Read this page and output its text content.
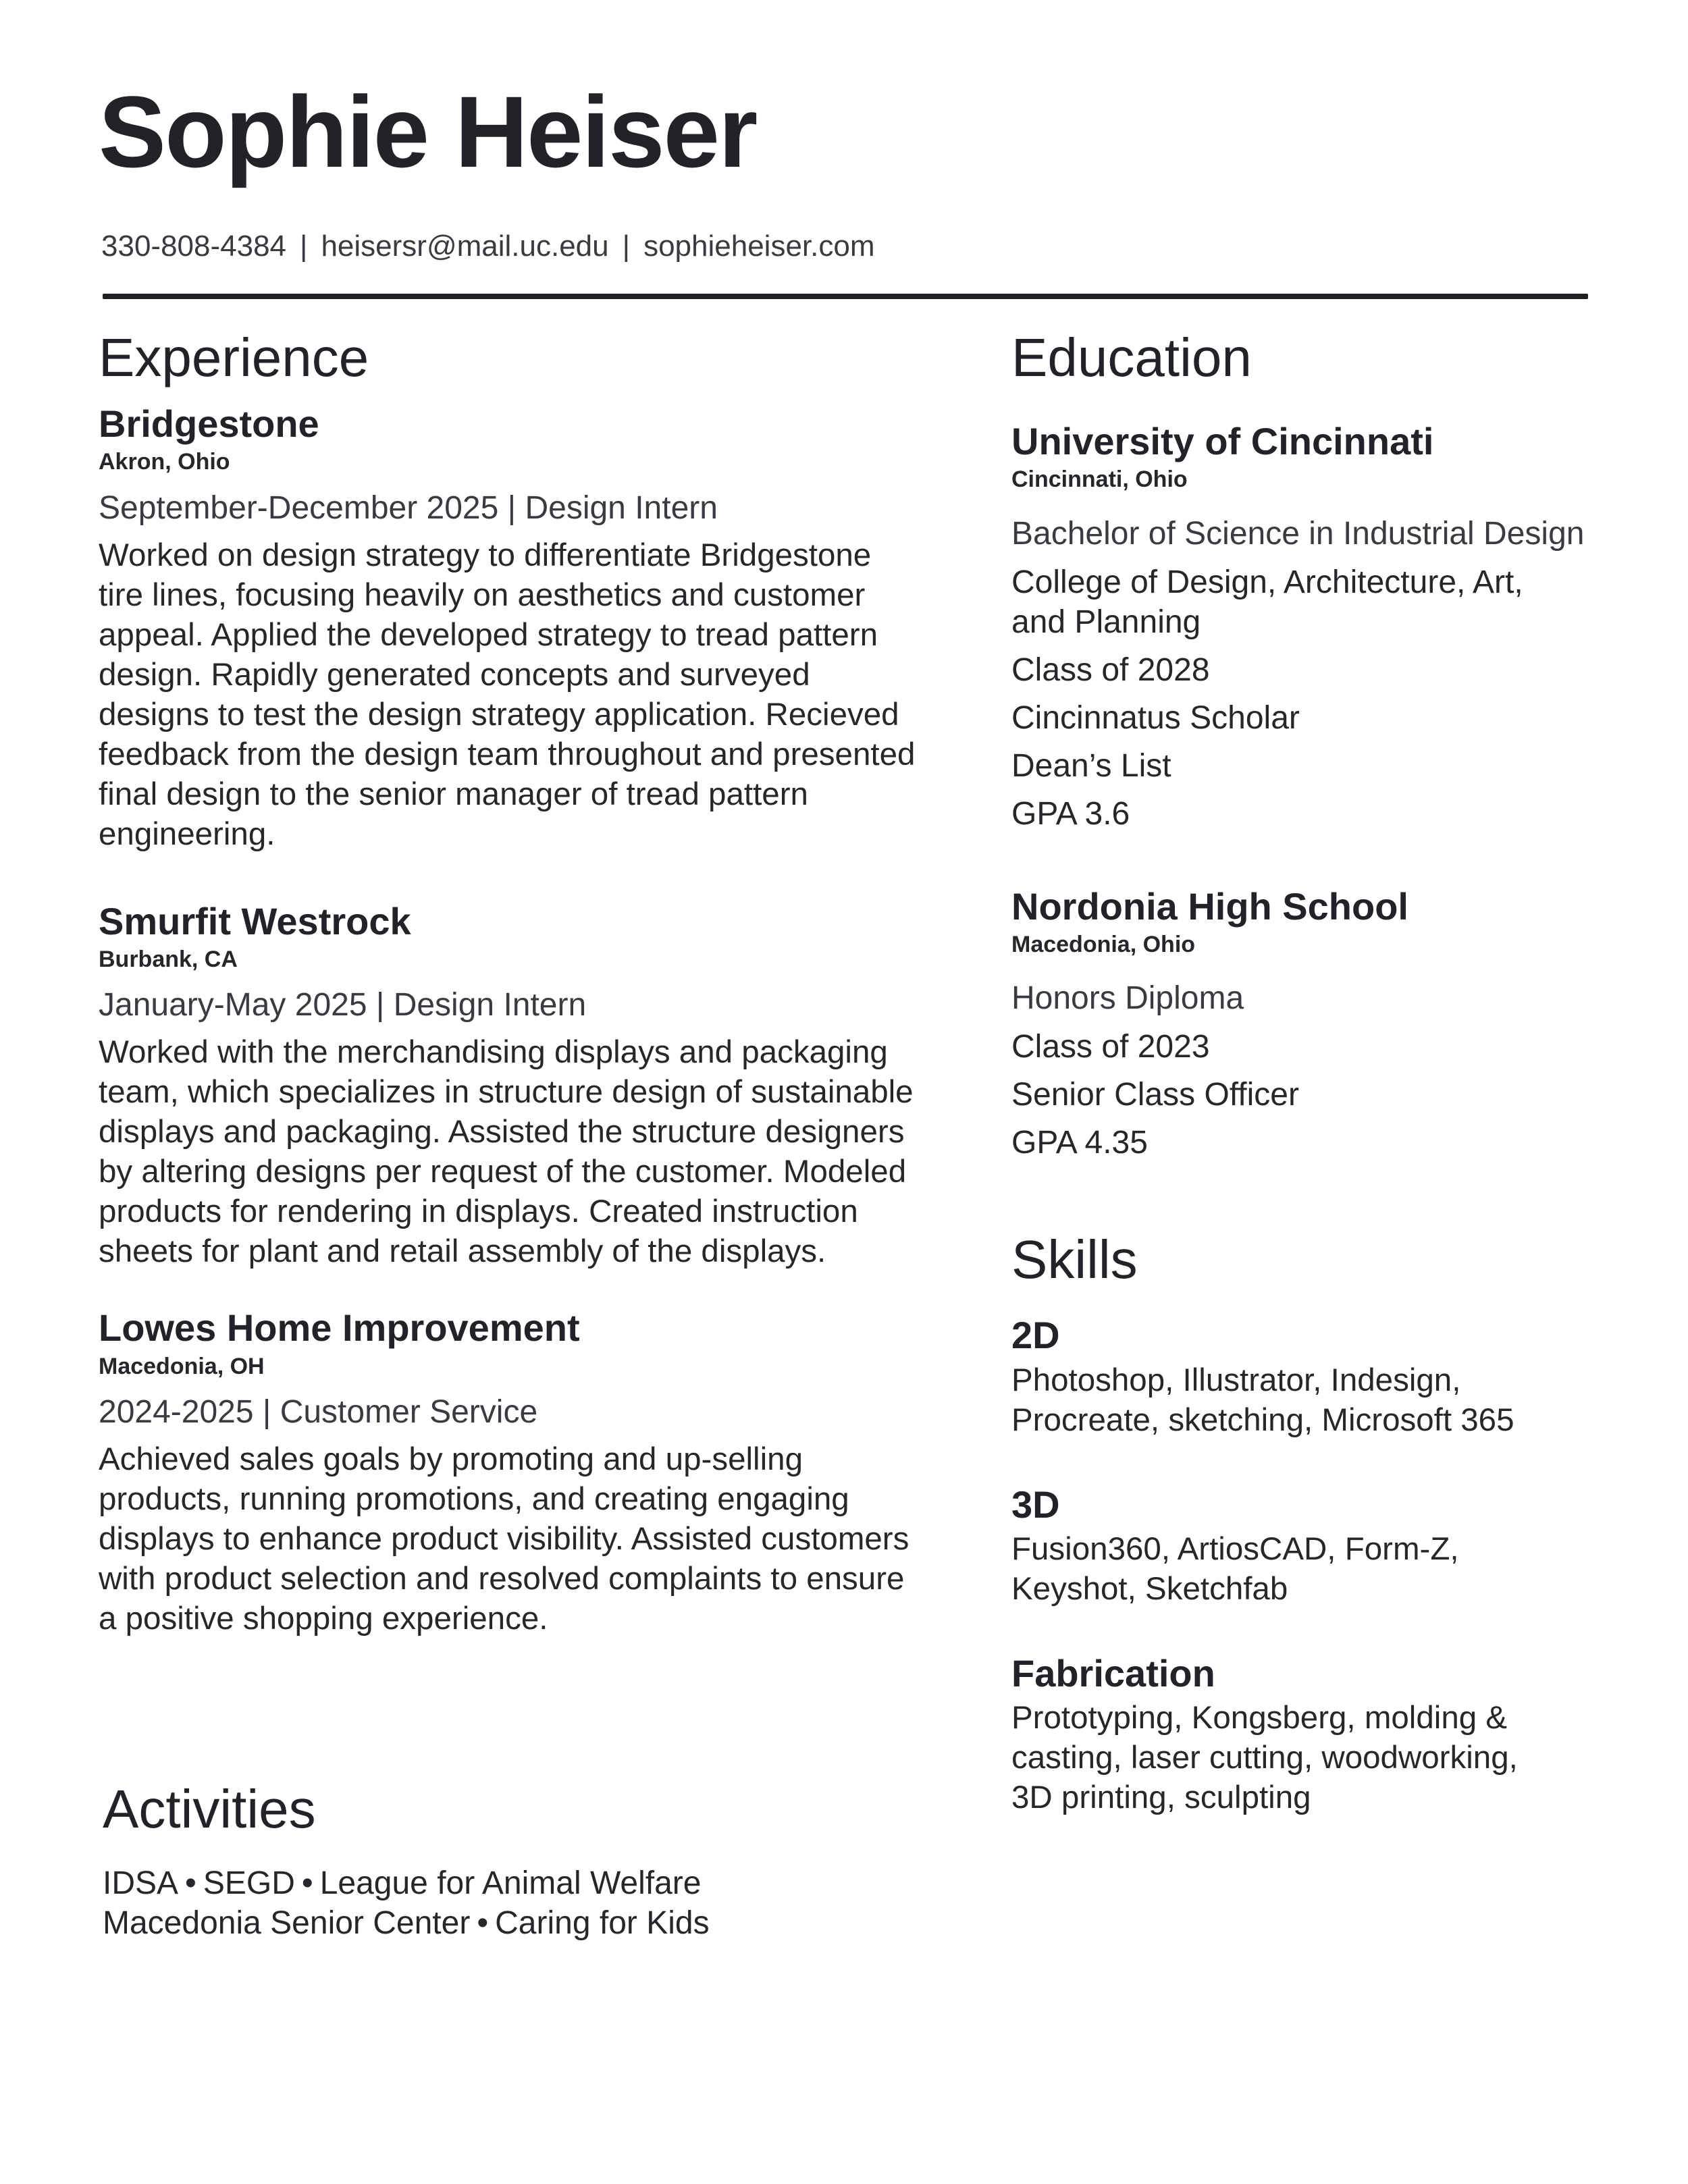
Sophie Heiser
330-808-4384 | heisersr@mail.uc.edu | sophieheiser.com
Experience
Bridgestone
Akron, Ohio
September-December 2025 | Design Intern
Worked on design strategy to differentiate Bridgestone tire lines, focusing heavily on aesthetics and customer appeal. Applied the developed strategy to tread pattern design. Rapidly generated concepts and surveyed designs to test the design strategy application. Recieved feedback from the design team throughout and presented final design to the senior manager of tread pattern engineering.
Smurfit Westrock
Burbank, CA
January-May 2025 | Design Intern
Worked with the merchandising displays and packaging team, which specializes in structure design of sustainable displays and packaging. Assisted the structure designers by altering designs per request of the customer. Modeled products for rendering in displays. Created instruction sheets for plant and retail assembly of the displays.
Lowes Home Improvement
Macedonia, OH
2024-2025 | Customer Service
Achieved sales goals by promoting and up-selling products, running promotions, and creating engaging displays to enhance product visibility. Assisted customers with product selection and resolved complaints to ensure a positive shopping experience.
Activities
IDSA • SEGD • League for Animal Welfare
Macedonia Senior Center • Caring for Kids
Education
University of Cincinnati
Cincinnati, Ohio
Bachelor of Science in Industrial Design
College of Design, Architecture, Art, and Planning
Class of 2028
Cincinnatus Scholar
Dean’s List
GPA 3.6
Nordonia High School
Macedonia, Ohio
Honors Diploma
Class of 2023
Senior Class Officer
GPA 4.35
Skills
2D
Photoshop, Illustrator, Indesign, Procreate, sketching, Microsoft 365
3D
Fusion360, ArtiosCAD, Form-Z, Keyshot, Sketchfab
Fabrication
Prototyping, Kongsberg, molding & casting, laser cutting, woodworking, 3D printing, sculpting
